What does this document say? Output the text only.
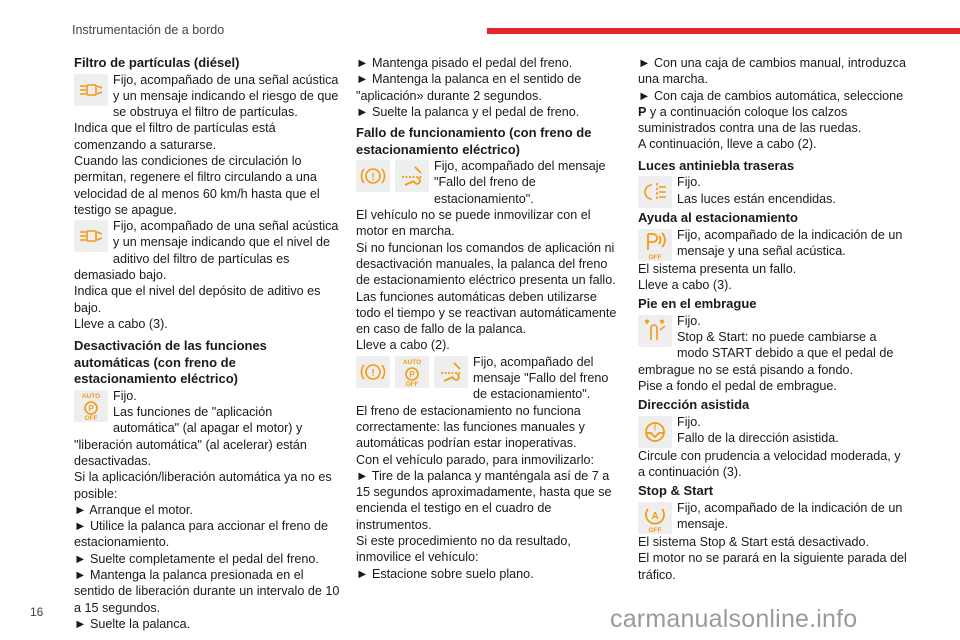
Instrumentación de a bordo
Filtro de partículas (diésel)
Fijo, acompañado de una señal acústica y un mensaje indicando el riesgo de que se obstruya el filtro de partículas.
Indica que el filtro de partículas está comenzando a saturarse.
Cuando las condiciones de circulación lo permitan, regenere el filtro circulando a una velocidad de al menos 60 km/h hasta que el testigo se apague.
Fijo, acompañado de una señal acústica y un mensaje indicando que el nivel de aditivo del filtro de partículas es demasiado bajo.
Indica que el nivel del depósito de aditivo es bajo.
Lleve a cabo (3).
Desactivación de las funciones automáticas (con freno de estacionamiento eléctrico)
AUTO
OFF
P
Fijo.
Las funciones de "aplicación automática" (al apagar el motor) y "liberación automática" (al acelerar) están desactivadas.
Si la aplicación/liberación automática ya no es posible:
► Arranque el motor.
► Utilice la palanca para accionar el freno de estacionamiento.
► Suelte completamente el pedal del freno.
► Mantenga la palanca presionada en el sentido de liberación durante un intervalo de 10 a 15 segundos.
► Suelte la palanca.
► Mantenga pisado el pedal del freno.
► Mantenga la palanca en el sentido de "aplicación» durante 2 segundos.
► Suelte la palanca y el pedal de freno.
Fallo de funcionamiento (con freno de estacionamiento eléctrico)
!
Fijo, acompañado del mensaje "Fallo del freno de estacionamiento".
El vehículo no se puede inmovilizar con el motor en marcha.
Si no funcionan los comandos de aplicación ni desactivación manuales, la palanca del freno de estacionamiento eléctrico presenta un fallo.
Las funciones automáticas deben utilizarse todo el tiempo y se reactivan automáticamente en caso de fallo de la palanca.
Lleve a cabo (2).
!
AUTO
OFF
P
Fijo, acompañado del mensaje "Fallo del freno de estacionamiento".
El freno de estacionamiento no funciona correctamente: las funciones manuales y automáticas podrían estar inoperativas.
Con el vehículo parado, para inmovilizarlo:
► Tire de la palanca y manténgala así de 7 a 15 segundos aproximadamente, hasta que se encienda el testigo en el cuadro de instrumentos.
Si este procedimiento no da resultado, inmovilice el vehículo:
► Estacione sobre suelo plano.
► Con una caja de cambios manual, introduzca una marcha.
► Con caja de cambios automática, seleccione P y a continuación coloque los calzos suministrados contra una de las ruedas.
A continuación, lleve a cabo (2).
Luces antiniebla traseras
Fijo.
Las luces están encendidas.
Ayuda al estacionamiento
OFF
Fijo, acompañado de la indicación de un mensaje y una señal acústica.
El sistema presenta un fallo.
Lleve a cabo (3).
Pie en el embrague
Fijo.
Stop & Start: no puede cambiarse a modo START debido a que el pedal de embrague no se está pisando a fondo.
Pise a fondo el pedal de embrague.
Dirección asistida
! Fijo.
Fallo de la dirección asistida.
Circule con prudencia a velocidad moderada, y a continuación (3).
Stop & Start
A
OFF
Fijo, acompañado de la indicación de un mensaje.
El sistema Stop & Start está desactivado.
El motor no se parará en la siguiente parada del tráfico.
16	carmanualsonline.info
